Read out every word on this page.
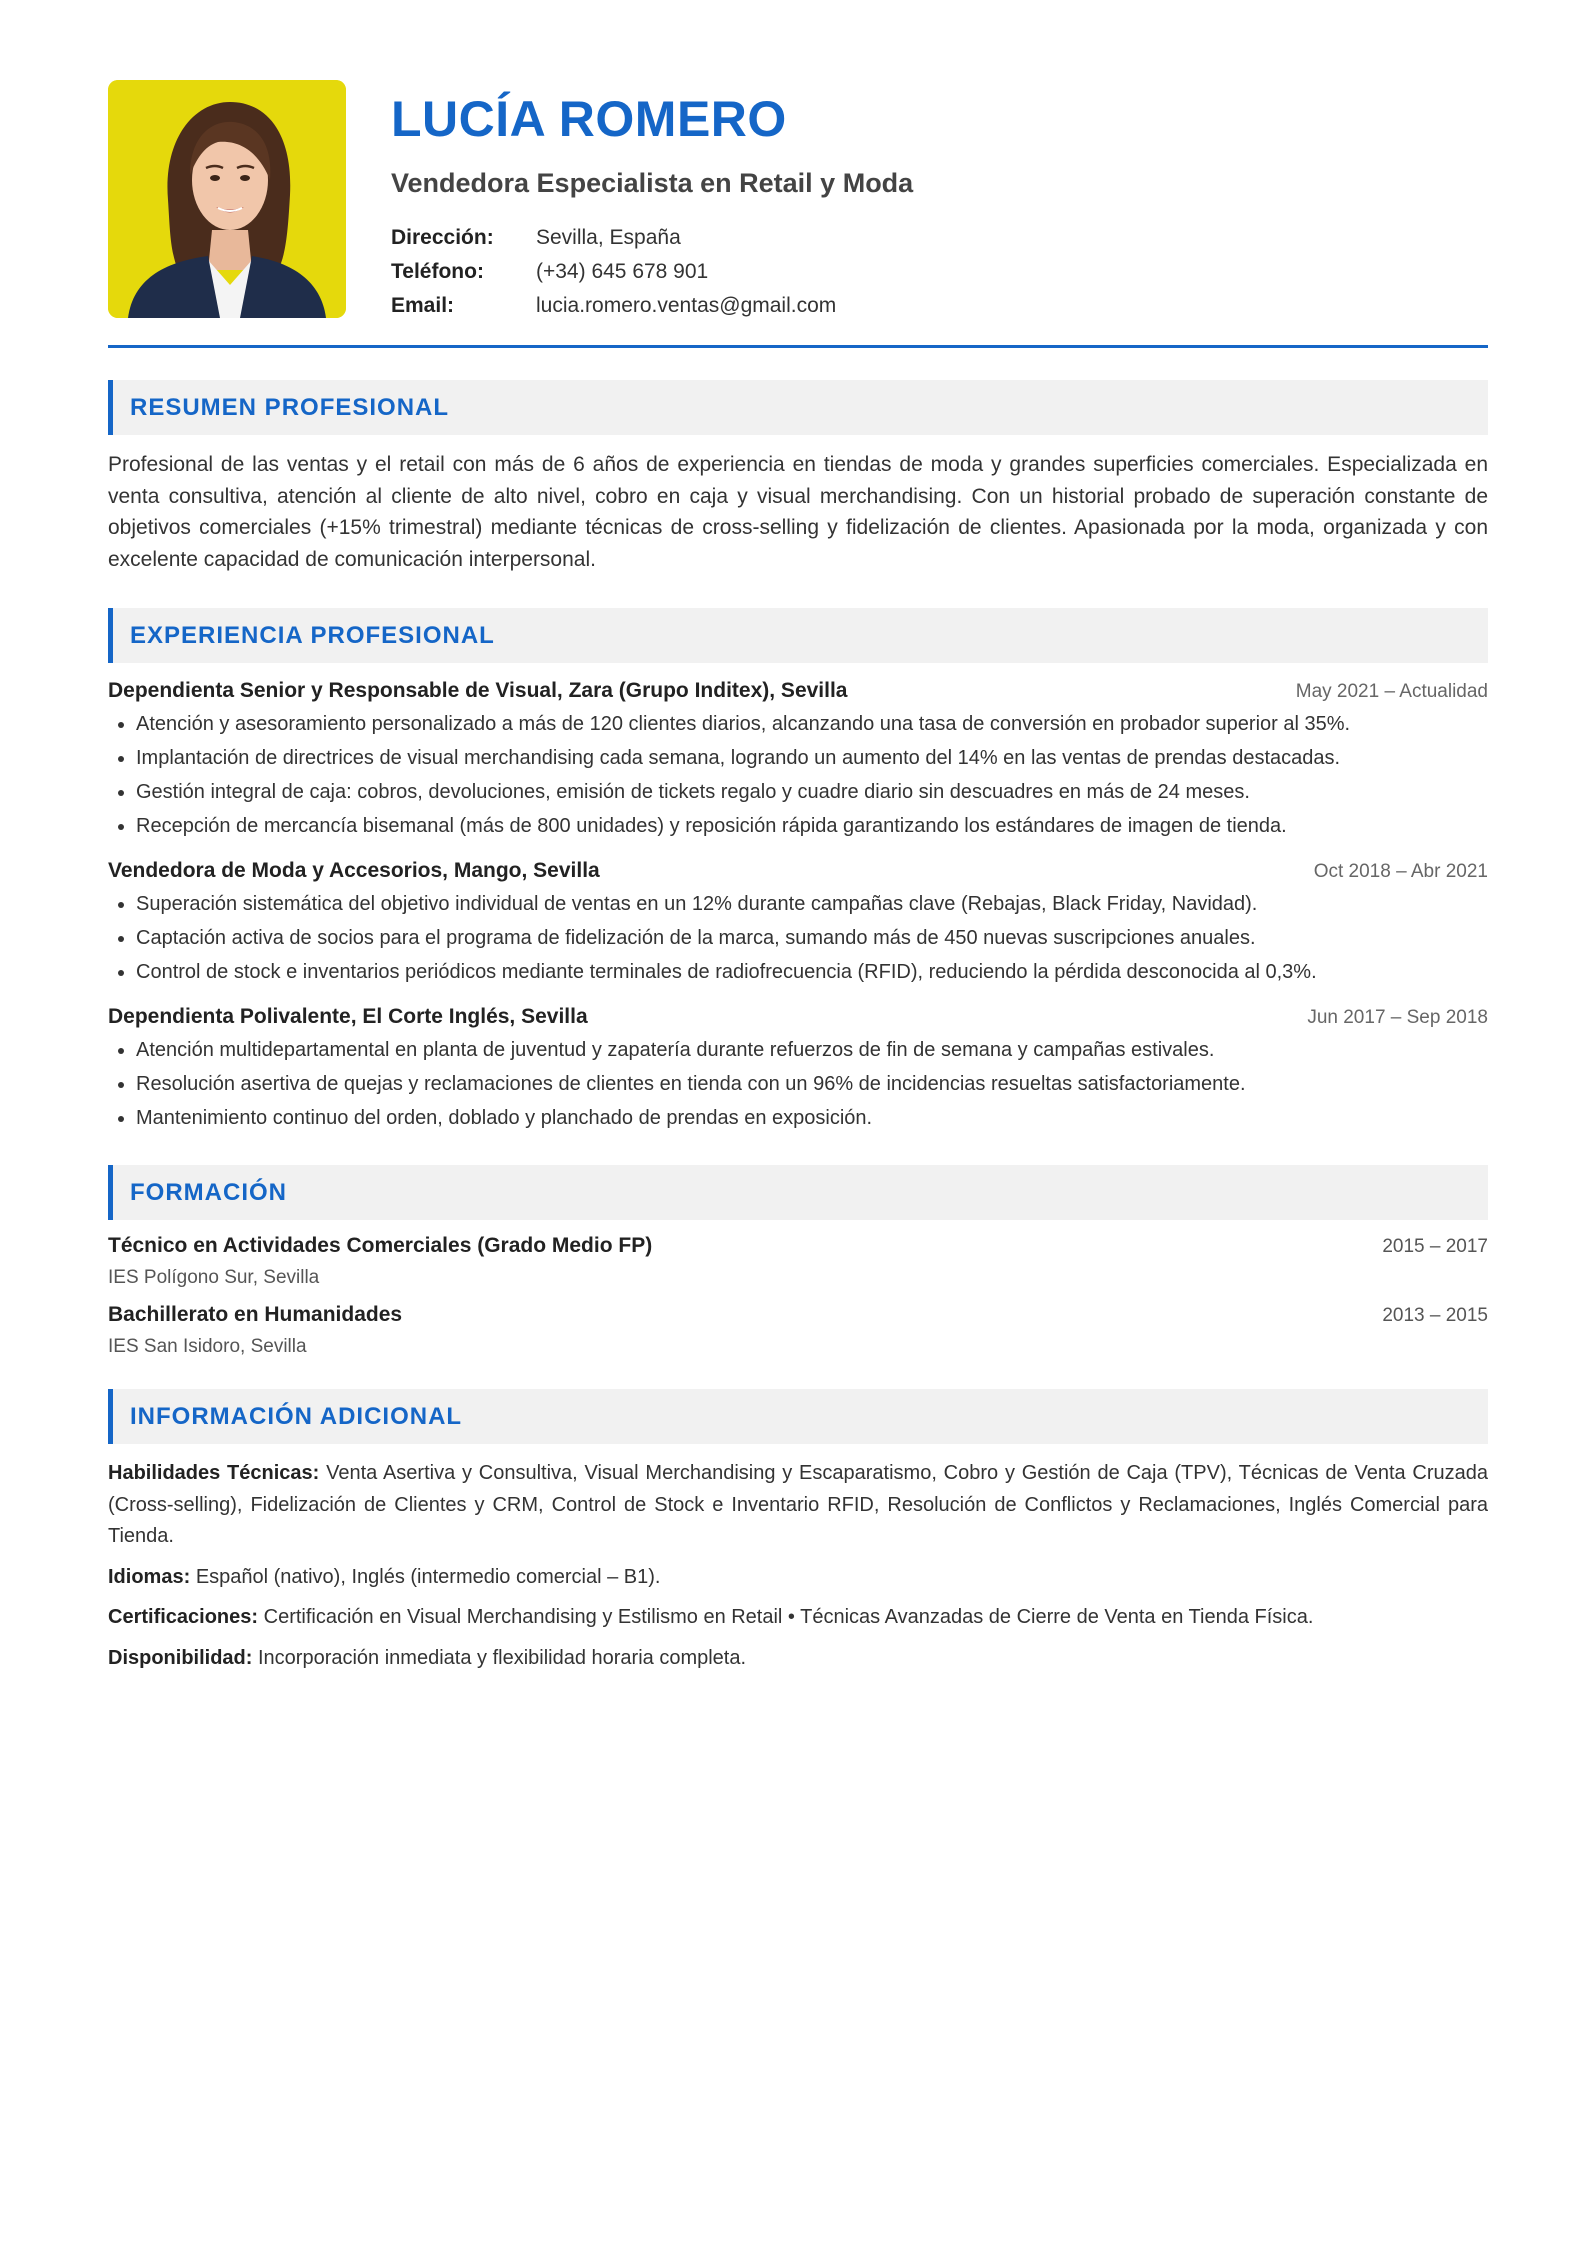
LUCÍA ROMERO
Vendedora Especialista en Retail y Moda
Dirección:	Sevilla, España
Teléfono:	(+34) 645 678 901
Email:	lucia.romero.ventas@gmail.com
RESUMEN PROFESIONAL

Profesional de las ventas y el retail con más de 6 años de experiencia en tiendas de moda y grandes superficies comerciales. Especializada en venta consultiva, atención al cliente de alto nivel, cobro en caja y visual merchandising. Con un historial probado de superación constante de objetivos comerciales (+15% trimestral) mediante técnicas de cross-selling y fidelización de clientes. Apasionada por la moda, organizada y con excelente capacidad de comunicación interpersonal.

EXPERIENCIA PROFESIONAL
Dependienta Senior y Responsable de Visual, Zara (Grupo Inditex), Sevilla	May 2021 – Actualidad
• Atención y asesoramiento personalizado a más de 120 clientes diarios, alcanzando una tasa de conversión en probador superior al 35%.
• Implantación de directrices de visual merchandising cada semana, logrando un aumento del 14% en las ventas de prendas destacadas.
• Gestión integral de caja: cobros, devoluciones, emisión de tickets regalo y cuadre diario sin descuadres en más de 24 meses.
• Recepción de mercancía bisemanal (más de 800 unidades) y reposición rápida garantizando los estándares de imagen de tienda.
Vendedora de Moda y Accesorios, Mango, Sevilla	Oct 2018 – Abr 2021
• Superación sistemática del objetivo individual de ventas en un 12% durante campañas clave (Rebajas, Black Friday, Navidad).
• Captación activa de socios para el programa de fidelización de la marca, sumando más de 450 nuevas suscripciones anuales.
• Control de stock e inventarios periódicos mediante terminales de radiofrecuencia (RFID), reduciendo la pérdida desconocida al 0,3%.
Dependienta Polivalente, El Corte Inglés, Sevilla	Jun 2017 – Sep 2018
• Atención multidepartamental en planta de juventud y zapatería durante refuerzos de fin de semana y campañas estivales.
• Resolución asertiva de quejas y reclamaciones de clientes en tienda con un 96% de incidencias resueltas satisfactoriamente.
• Mantenimiento continuo del orden, doblado y planchado de prendas en exposición.
FORMACIÓN
Técnico en Actividades Comerciales (Grado Medio FP)	2015 – 2017
IES Polígono Sur, Sevilla
Bachillerato en Humanidades	2013 – 2015
IES San Isidoro, Sevilla
INFORMACIÓN ADICIONAL

Habilidades Técnicas: Venta Asertiva y Consultiva, Visual Merchandising y Escaparatismo, Cobro y Gestión de Caja (TPV), Técnicas de Venta Cruzada (Cross-selling), Fidelización de Clientes y CRM, Control de Stock e Inventario RFID, Resolución de Conflictos y Reclamaciones, Inglés Comercial para Tienda.

Idiomas: Español (nativo), Inglés (intermedio comercial – B1).

Certificaciones: Certificación en Visual Merchandising y Estilismo en Retail • Técnicas Avanzadas de Cierre de Venta en Tienda Física.

Disponibilidad: Incorporación inmediata y flexibilidad horaria completa.
